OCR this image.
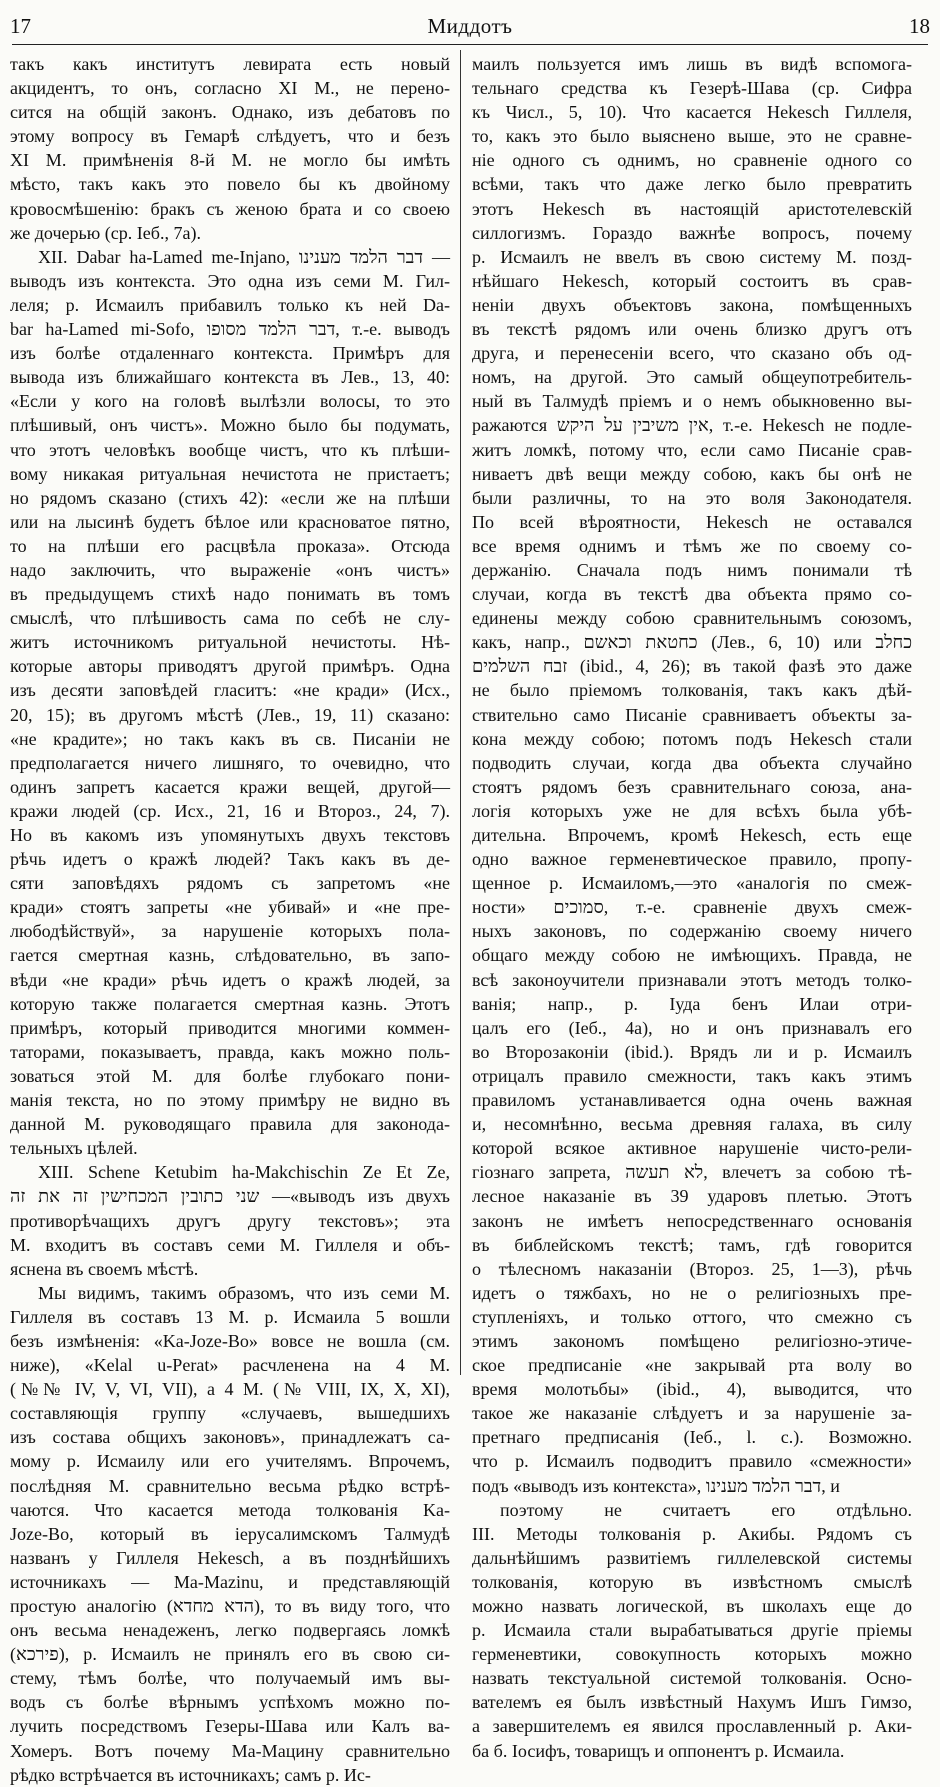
17	Миддотъ	18
такъ какъ институтъ левирата есть новый
акцидентъ, то онъ, согласно XI М., не перено-
сится на общій законъ. Однако, изъ дебатовъ по
этому вопросу въ Гемарѣ слѣдуетъ, что и безъ
XI М. примѣненія 8-й М. не могло бы имѣть
мѣсто, такъ какъ это повело бы къ двойному
кровосмѣшенію: бракъ съ женою брата и со своею
же дочерью (ср. Іеб., 7а).
XII. Dabar ha-Lamed me-Injano, דבר הלמד מענינו —
выводъ изъ контекста. Это одна изъ семи М. Гил-
леля; р. Исмаилъ прибавилъ только къ ней Da-
bar ha-Lamed mi-Sofo, דבר הלמד מסופו, т.-е. выводъ
изъ болѣе отдаленнаго контекста. Примѣръ для
вывода изъ ближайшаго контекста въ Лев., 13, 40:
«Если у кого на головѣ вылѣзли волосы, то это
плѣшивый, онъ чистъ». Можно было бы подумать,
что этотъ человѣкъ вообще чистъ, что къ плѣши-
вому никакая ритуальная нечистота не пристаетъ;
но рядомъ сказано (стихъ 42): «если же на плѣши
или на лысинѣ будетъ бѣлое или красноватое пятно,
то на плѣши его расцвѣла проказа». Отсюда
надо заключить, что выраженіе «онъ чистъ»
въ предыдущемъ стихѣ надо понимать въ томъ
смыслѣ, что плѣшивость сама по себѣ не слу-
житъ источникомъ ритуальной нечистоты. Нѣ-
которые авторы приводятъ другой примѣръ. Одна
изъ десяти заповѣдей гласитъ: «не кради» (Исх.,
20, 15); въ другомъ мѣстѣ (Лев., 19, 11) сказано:
«не крадите»; но такъ какъ въ св. Писаніи не
предполагается ничего лишняго, то очевидно, что
одинъ запретъ касается кражи вещей, другой—
кражи людей (ср. Исх., 21, 16 и Второз., 24, 7).
Но въ какомъ изъ упомянутыхъ двухъ текстовъ
рѣчь идетъ о кражѣ людей? Такъ какъ въ де-
сяти заповѣдяхъ рядомъ съ запретомъ «не
кради» стоятъ запреты «не убивай» и «не пре-
любодѣйствуй», за нарушеніе которыхъ пола-
гается смертная казнь, слѣдовательно, въ запо-
вѣди «не кради» рѣчь идетъ о кражѣ людей, за
которую также полагается смертная казнь. Этотъ
примѣръ, который приводится многими коммен-
таторами, показываетъ, правда, какъ можно поль-
зоваться этой М. для болѣе глубокаго пони-
манія текста, но по этому примѣру не видно въ
данной М. руководящаго правила для законода-
тельныхъ цѣлей.
XIII. Schene Ketubim ha-Makchischin Ze Et Ze,
שני כתובין המכחישין זה את זה —«выводъ изъ двухъ
противорѣчащихъ другъ другу текстовъ»; эта
М. входитъ въ составъ семи М. Гиллеля и объ-
яснена въ своемъ мѣстѣ.
Мы видимъ, такимъ образомъ, что изъ семи М.
Гиллеля въ составъ 13 М. р. Исмаила 5 вошли
безъ измѣненія: «Ka-Joze-Bo» вовсе не вошла (см.
ниже), «Kelal u-Perat» расчленена на 4 М.
(№№ IV, V, VI, VII), а 4 М. (№ VIII, IX, X, XI),
составляющія группу «случаевъ, вышедшихъ
изъ состава общихъ законовъ», принадлежатъ са-
мому р. Исмаилу или его учителямъ. Впрочемъ,
послѣдняя М. сравнительно весьма рѣдко встрѣ-
чаются. Что касается метода толкованія Ka-
Joze-Bo, который въ іерусалимскомъ Талмудѣ
названъ у Гиллеля Hekesch, а въ позднѣйшихъ
источникахъ — Ma-Mazinu, и представляющій
простую аналогію (הדא מחדא), то въ виду того, что
онъ весьма ненадеженъ, легко подвергаясь ломкѣ
(פירכא), р. Исмаилъ не принялъ его въ свою си-
стему, тѣмъ болѣе, что получаемый имъ вы-
водъ съ болѣе вѣрнымъ успѣхомъ можно по-
лучить посредствомъ Гезеры-Шава или Калъ ва-
Хомеръ. Вотъ почему Ma-Мацину сравнительно
рѣдко встрѣчается въ источникахъ; самъ р. Ис-
маилъ пользуется имъ лишь въ видѣ вспомога-
тельнаго средства къ Гезерѣ-Шава (ср. Сифра
къ Числ., 5, 10). Что касается Hekesch Гиллеля,
то, какъ это было выяснено выше, это не сравне-
ніе одного съ однимъ, но сравненіе одного со
всѣми, такъ что даже легко было превратить
этотъ Hekesch въ настоящій аристотелевскій
силлогизмъ. Гораздо важнѣе вопросъ, почему
р. Исмаилъ не ввелъ въ свою систему М. позд-
нѣйшаго Hekesch, который состоитъ въ срав-
неніи двухъ объектовъ закона, помѣщенныхъ
въ текстѣ рядомъ или очень близко другъ отъ
друга, и перенесеніи всего, что сказано объ од-
номъ, на другой. Это самый общеупотребитель-
ный въ Талмудѣ пріемъ и о немъ обыкновенно вы-
ражаются אין משיבין על היקש, т.-е. Hekesch не подле-
житъ ломкѣ, потому что, если само Писаніе срав-
ниваетъ двѣ вещи между собою, какъ бы онѣ не
были различны, то на это воля Законодателя.
По всей вѣроятности, Hekesch не оставался
все время однимъ и тѣмъ же по своему со-
держанію. Сначала подъ нимъ понимали тѣ
случаи, когда въ текстѣ два объекта прямо со-
единены между собою сравнительнымъ союзомъ,
какъ, напр., כחטאת וכאשם (Лев., 6, 10) или כחלב
זבח השלמים (ibid., 4, 26); въ такой фазѣ это даже
не было пріемомъ толкованія, такъ какъ дѣй-
ствительно само Писаніе сравниваетъ объекты за-
кона между собою; потомъ подъ Hekesch стали
подводить случаи, когда два объекта случайно
стоятъ рядомъ безъ сравнительнаго союза, ана-
логія которыхъ уже не для всѣхъ была убѣ-
дительна. Впрочемъ, кромѣ Hekesch, есть еще
одно важное герменевтическое правило, пропу-
щенное р. Исмаиломъ,—это «аналогія по смеж-
ности» סמוכים, т.-е. сравненіе двухъ смеж-
ныхъ законовъ, по содержанію своему ничего
общаго между собою не имѣющихъ. Правда, не
всѣ законоучители признавали этотъ методъ толко-
ванія; напр., р. Іуда бенъ Илаи отри-
цалъ его (Іеб., 4а), но и онъ признавалъ его
во Второзаконіи (ibid.). Врядъ ли и р. Исмаилъ
отрицалъ правило смежности, такъ какъ этимъ
правиломъ устанавливается одна очень важная
и, несомнѣнно, весьма древняя галаха, въ силу
которой всякое активное нарушеніе чисто-рели-
гіознаго запрета, לא תעשה, влечетъ за собою тѣ-
лесное наказаніе въ 39 ударовъ плетью. Этотъ
законъ не имѣетъ непосредственнаго основанія
въ библейскомъ текстѣ; тамъ, гдѣ говорится
о тѣлесномъ наказаніи (Второз. 25, 1—3), рѣчь
идетъ о тяжбахъ, но не о религіозныхъ пре-
ступленіяхъ, и только оттого, что смежно съ
этимъ закономъ помѣщено религіозно-этиче-
ское предписаніе «не закрывай рта волу во
время молотьбы» (ibid., 4), выводится, что
такое же наказаніе слѣдуетъ и за нарушеніе за-
претнаго предписанія (Іеб., l. с.). Возможно.
что р. Исмаилъ подводитъ правило «смежности»
подъ «выводъ изъ контекста», דבר הלמד מענינו, и
поэтому не считаетъ его отдѣльно.
III. Методы толкованія р. Акибы. Рядомъ съ
дальнѣйшимъ развитіемъ гиллелевской системы
толкованія, которую въ извѣстномъ смыслѣ
можно назвать логической, въ школахъ еще до
р. Исмаила стали вырабатываться другіе пріемы
герменевтики, совокупность которыхъ можно
назвать текстуальной системой толкованія. Осно-
вателемъ ея былъ извѣстный Нахумъ Ишъ Гимзо,
а завершителемъ ея явился прославленный р. Аки-
ба б. Іосифъ, товарищъ и оппонентъ р. Исмаила.
